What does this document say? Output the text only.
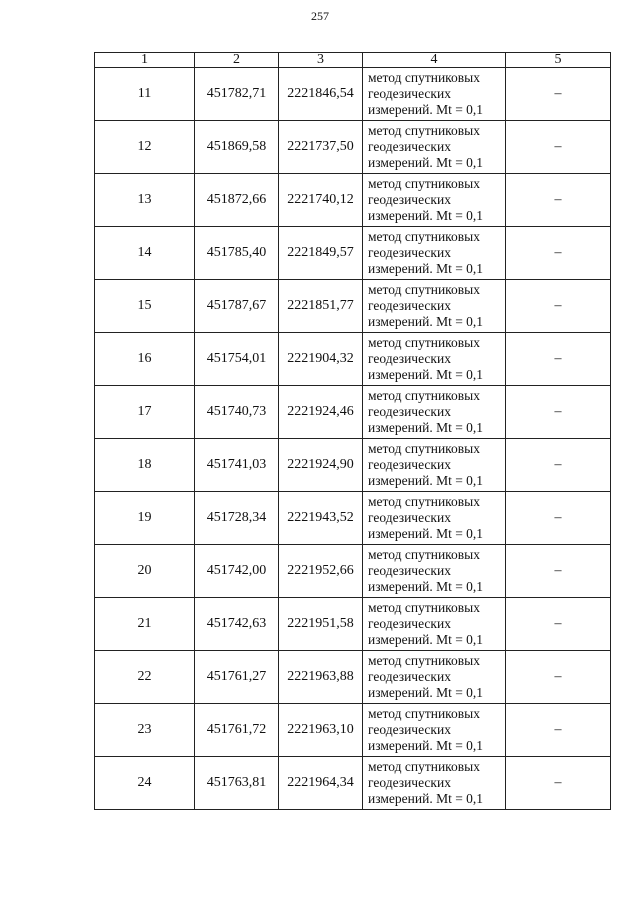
257
1	2	3	4	5
11	451782,71	2221846,54	метод спутниковых
геодезических
измерений. Mt = 0,1	–
12	451869,58	2221737,50	метод спутниковых
геодезических
измерений. Mt = 0,1	–
13	451872,66	2221740,12	метод спутниковых
геодезических
измерений. Mt = 0,1	–
14	451785,40	2221849,57	метод спутниковых
геодезических
измерений. Mt = 0,1	–
15	451787,67	2221851,77	метод спутниковых
геодезических
измерений. Mt = 0,1	–
16	451754,01	2221904,32	метод спутниковых
геодезических
измерений. Mt = 0,1	–
17	451740,73	2221924,46	метод спутниковых
геодезических
измерений. Mt = 0,1	–
18	451741,03	2221924,90	метод спутниковых
геодезических
измерений. Mt = 0,1	–
19	451728,34	2221943,52	метод спутниковых
геодезических
измерений. Mt = 0,1	–
20	451742,00	2221952,66	метод спутниковых
геодезических
измерений. Mt = 0,1	–
21	451742,63	2221951,58	метод спутниковых
геодезических
измерений. Mt = 0,1	–
22	451761,27	2221963,88	метод спутниковых
геодезических
измерений. Mt = 0,1	–
23	451761,72	2221963,10	метод спутниковых
геодезических
измерений. Mt = 0,1	–
24	451763,81	2221964,34	метод спутниковых
геодезических
измерений. Mt = 0,1	–
